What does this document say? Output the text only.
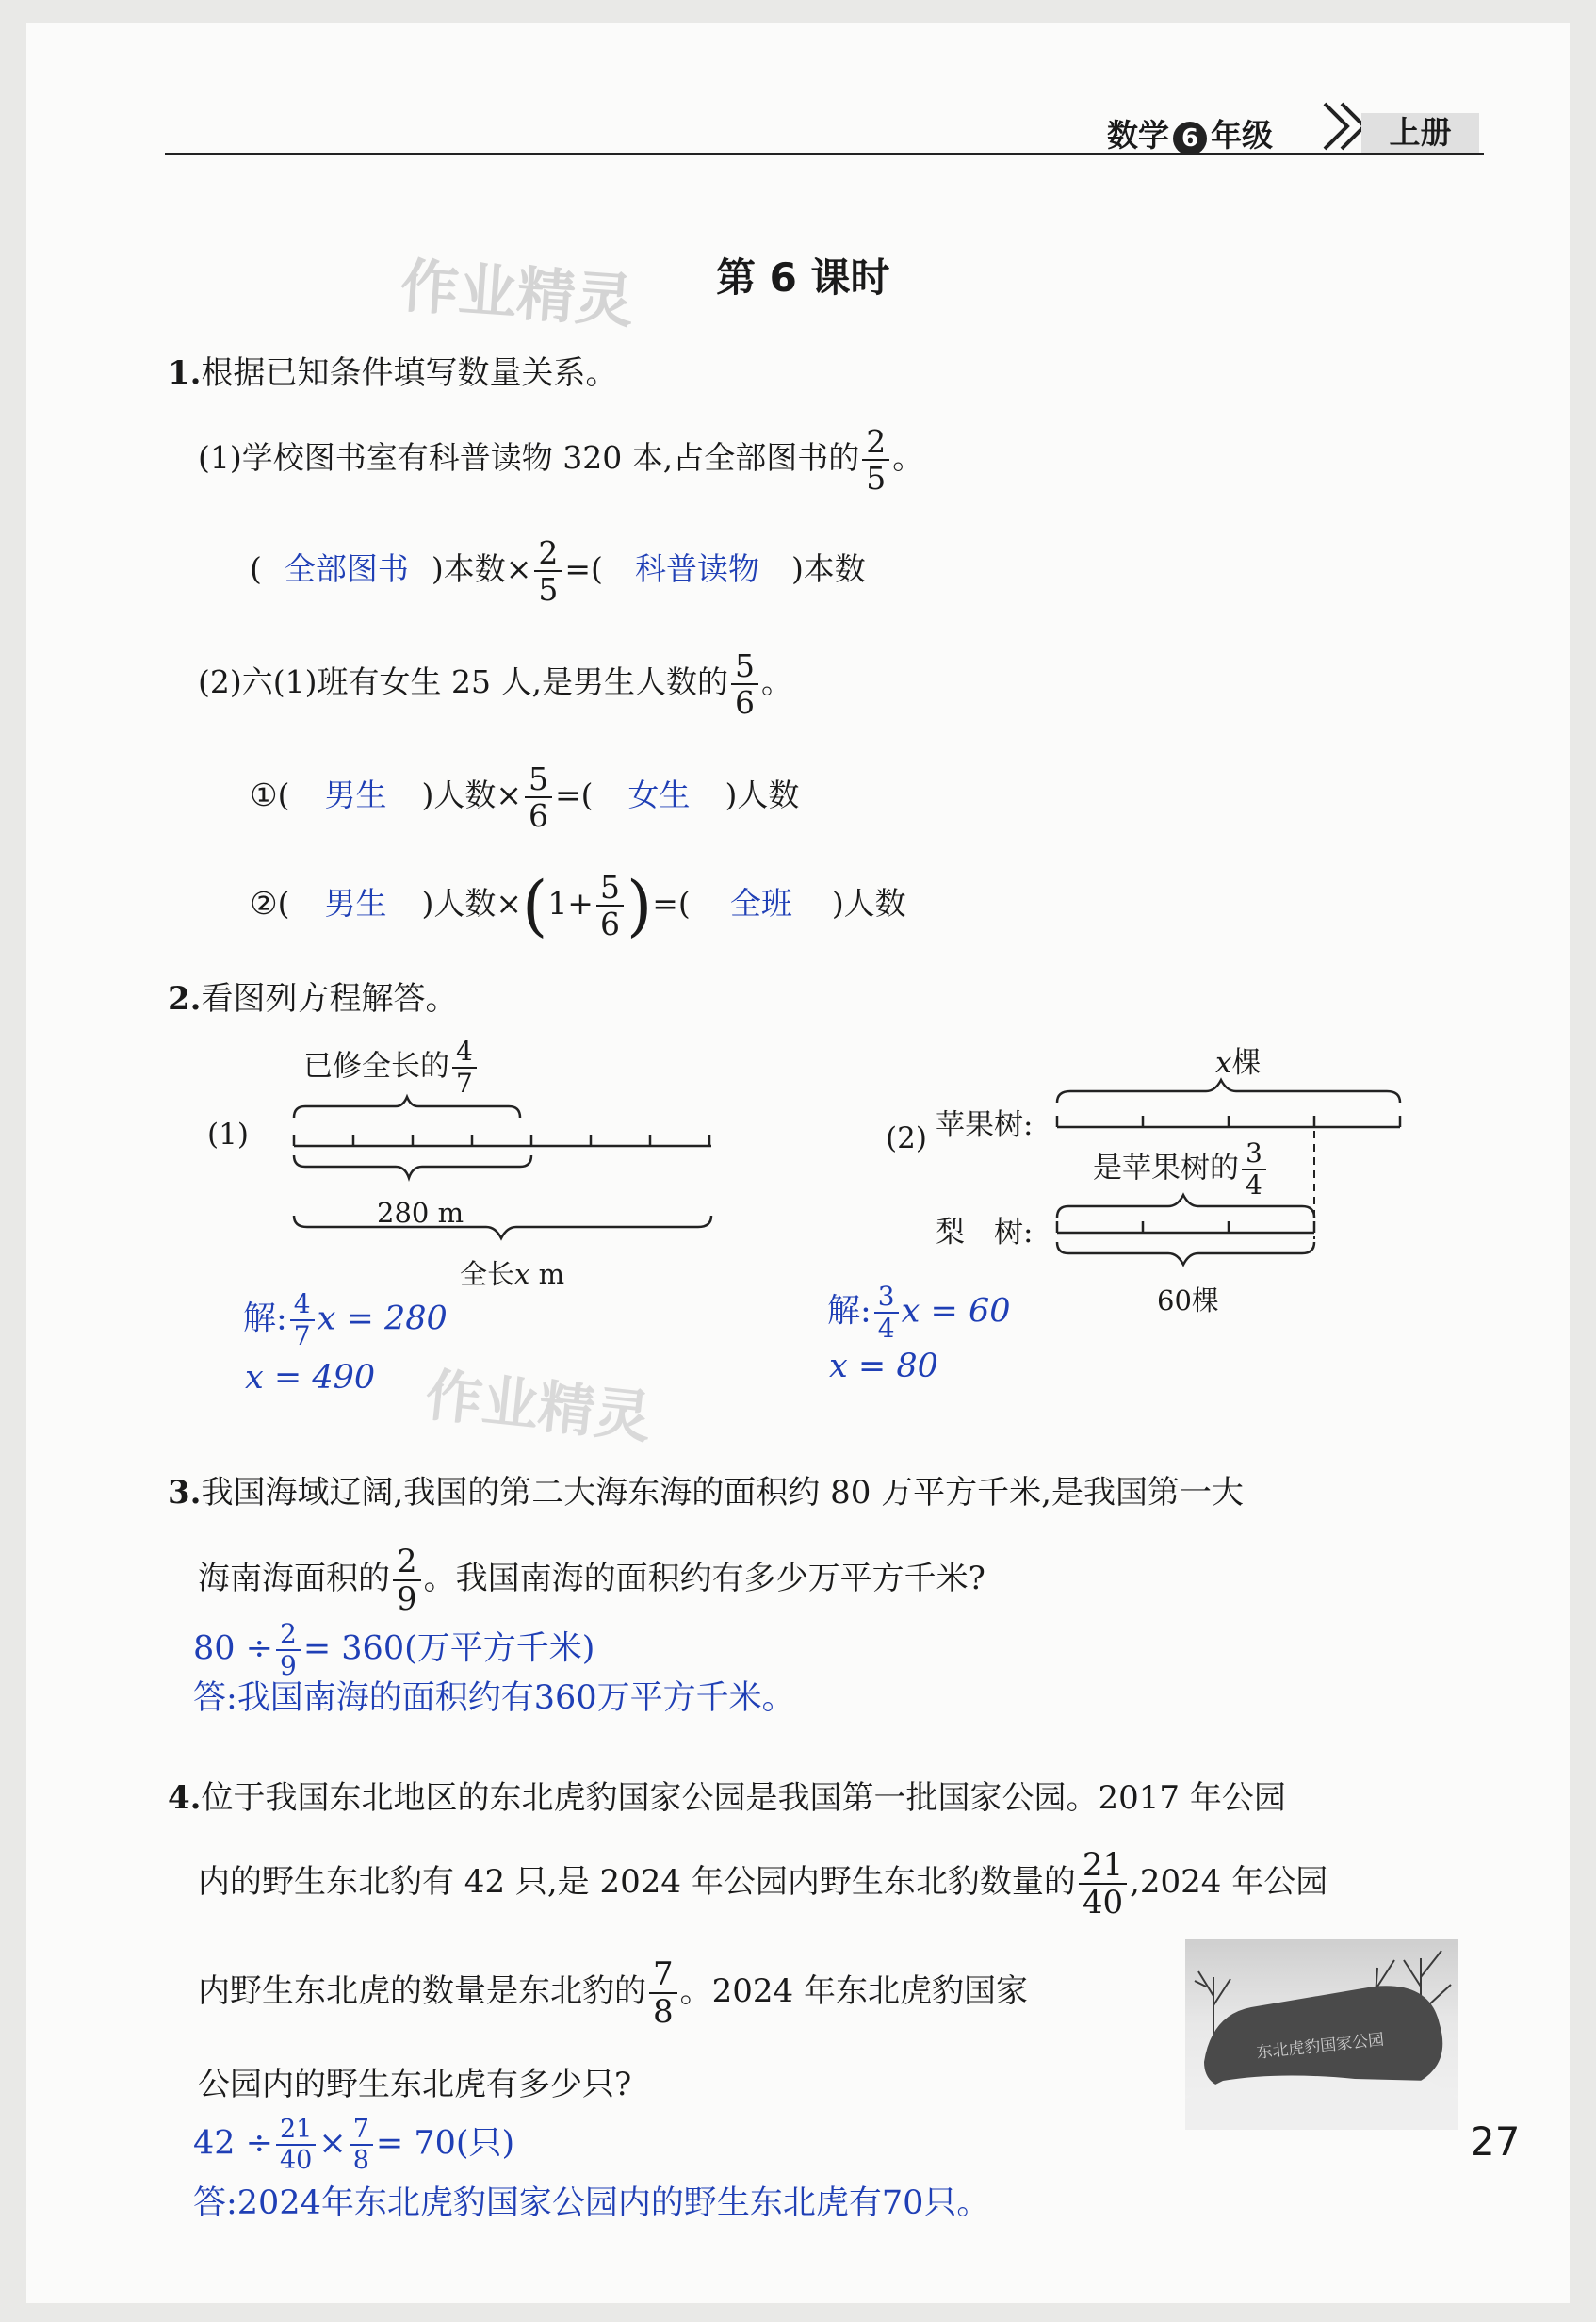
数学 6 年级	上册
作业精灵
作业精灵
第 6 课时
1.根据已知条件填写数量关系。
(1)学校图书室有科普读物 320 本,占全部图书的 $\frac{2}{5}$ 。
( 全部图书 )本数× $\frac{2}{5}$ =( 科普读物 )本数
(2)六(1)班有女生 25 人,是男生人数的 $\frac{5}{6}$ 。
①( 男生 )人数× $\frac{5}{6}$ =( 女生 )人数
②( 男生 )人数$\times(1+ \frac{5}{6}$ )=( 全班 )人数
2.看图列方程解答。
(1)
已修全长的 $\frac{4}{7}$
280 m
全长x m
解: $\frac{4}{7}$ x = 280
x = 490
(2)
x棵
苹果树:
梨　树:
是苹果树的 $\frac{3}{4}$
60棵
解: $\frac{3}{4}$ x = 60
x = 80
3.我国海域辽阔,我国的第二大海东海的面积约 80 万平方千米,是我国第一大
海南海面积的 $\frac{2}{9}$ 。我国南海的面积约有多少万平方千米?
$80 \div \frac{2}{9} = 360$(万平方千米)
答:我国南海的面积约有360万平方千米。
4.位于我国东北地区的东北虎豹国家公园是我国第一批国家公园。2017 年公园
内的野生东北豹有 42 只,是 2024 年公园内野生东北豹数量的 $\frac{21}{40} ,2024$ 年公园
内野生东北虎的数量是东北豹的 $\frac{7}{8}$ 。2024 年东北虎豹国家
公园内的野生东北虎有多少只?
$42 \div \frac{21}{40} \times \frac{7}{8} = 70$(只)
答:2024年东北虎豹国家公园内的野生东北虎有70只。
东北虎豹国家公园
27
